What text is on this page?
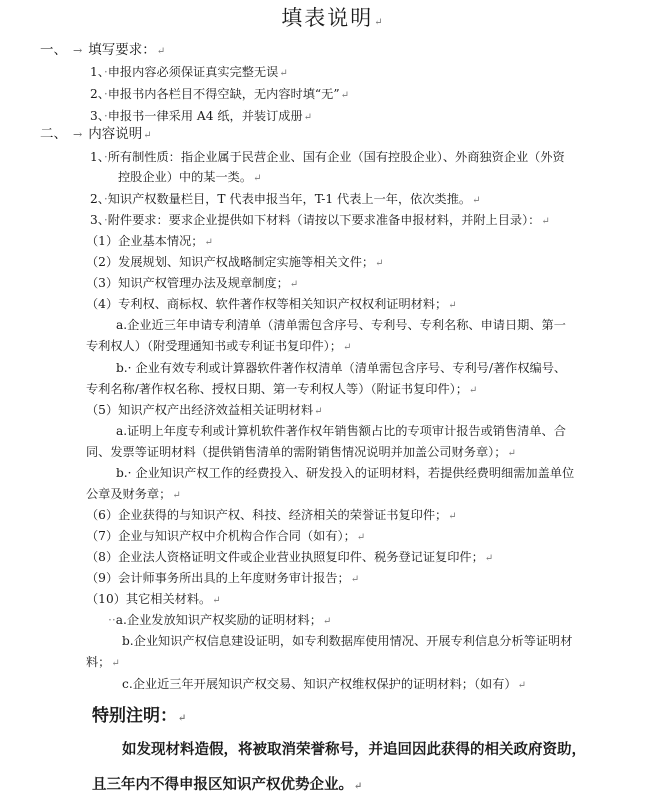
填表说明↵
一、 → 填写要求：↵
1、·申报内容必须保证真实完整无误↵
2、·申报书内各栏目不得空缺，无内容时填“无”↵
3、·申报书一律采用 A4 纸，并装订成册↵
二、 → 内容说明↵
1、·所有制性质：指企业属于民营企业、国有企业（国有控股企业）、外商独资企业（外资
控股企业）中的某一类。↵
2、·知识产权数量栏目，T 代表申报当年，T-1 代表上一年，依次类推。↵
3、·附件要求：要求企业提供如下材料（请按以下要求准备申报材料，并附上目录）：↵
（1）企业基本情况；↵
（2）发展规划、知识产权战略制定实施等相关文件；↵
（3）知识产权管理办法及规章制度；↵
（4）专利权、商标权、软件著作权等相关知识产权权利证明材料；↵
a.企业近三年申请专利清单（清单需包含序号、专利号、专利名称、申请日期、第一
专利权人）（附受理通知书或专利证书复印件）；↵
b.· 企业有效专利或计算器软件著作权清单（清单需包含序号、专利号/著作权编号、
专利名称/著作权名称、授权日期、第一专利权人等）（附证书复印件）；↵
（5）知识产权产出经济效益相关证明材料↵
a.证明上年度专利或计算机软件著作权年销售额占比的专项审计报告或销售清单、合
同、发票等证明材料（提供销售清单的需附销售情况说明并加盖公司财务章）；↵
b.· 企业知识产权工作的经费投入、研发投入的证明材料，若提供经费明细需加盖单位
公章及财务章；↵
（6）企业获得的与知识产权、科技、经济相关的荣誉证书复印件；↵
（7）企业与知识产权中介机构合作合同（如有）；↵
（8）企业法人资格证明文件或企业营业执照复印件、税务登记证复印件；↵
（9）会计师事务所出具的上年度财务审计报告；↵
（10）其它相关材料。↵
··a.企业发放知识产权奖励的证明材料；↵
b.企业知识产权信息建设证明，如专利数据库使用情况、开展专利信息分析等证明材
料；↵
c.企业近三年开展知识产权交易、知识产权维权保护的证明材料；（如有）↵
特别注明：↵
如发现材料造假，将被取消荣誉称号，并追回因此获得的相关政府资助，
且三年内不得申报区知识产权优势企业。↵
